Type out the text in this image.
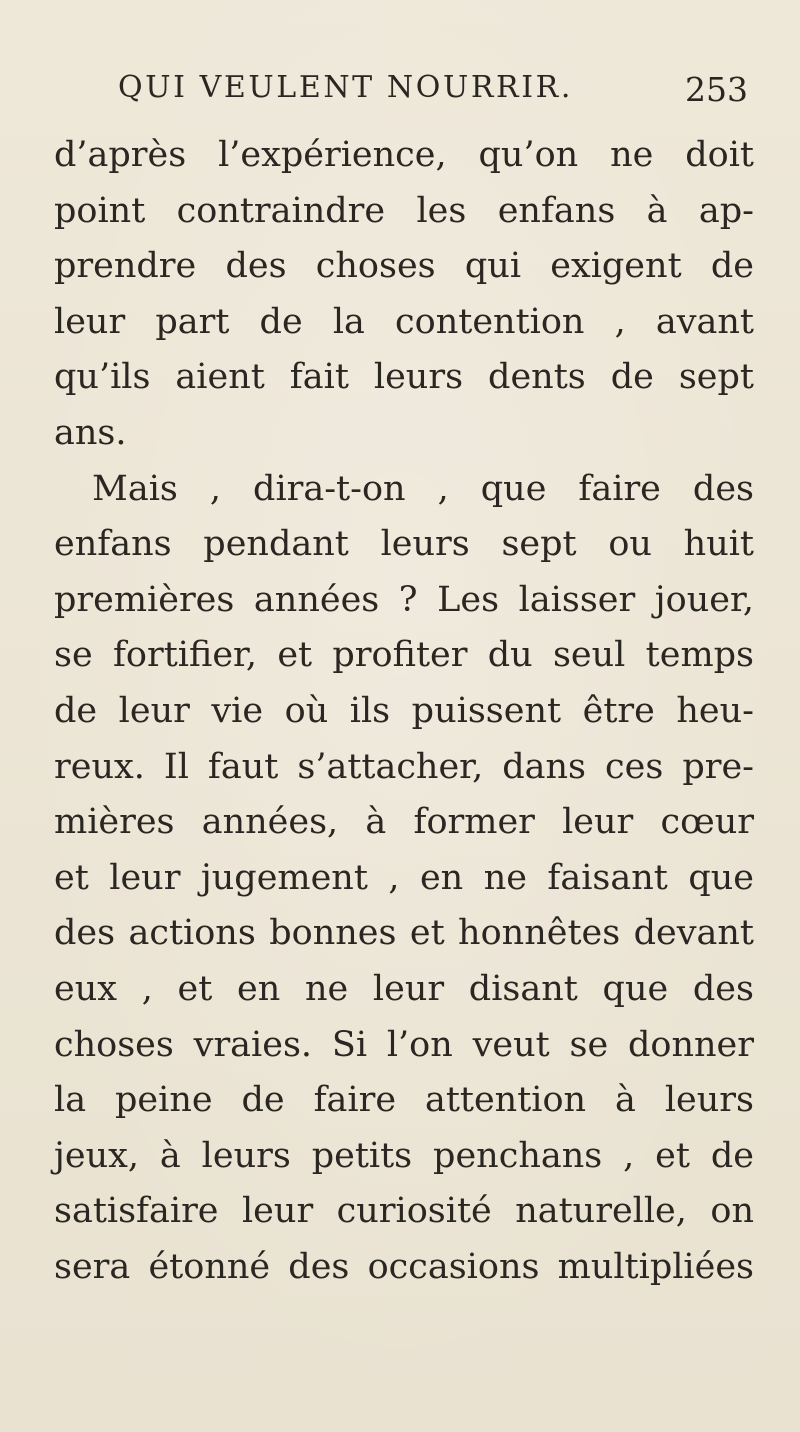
QUI VEULENT NOURRIR.	253
d’après l’expérience, qu’on ne doit
point contraindre les enfans à ap-
prendre des choses qui exigent de
leur part de la contention , avant
qu’ils aient fait leurs dents de sept
ans.
Mais , dira-t-on , que faire des
enfans pendant leurs sept ou huit
premières années ? Les laisser jouer,
se fortifier, et profiter du seul temps
de leur vie où ils puissent être heu-
reux. Il faut s’attacher, dans ces pre-
mières années, à former leur cœur
et leur jugement , en ne faisant que
des actions bonnes et honnêtes devant
eux , et en ne leur disant que des
choses vraies. Si l’on veut se donner
la peine de faire attention à leurs
jeux, à leurs petits penchans , et de
satisfaire leur curiosité naturelle, on
sera étonné des occasions multipliées
